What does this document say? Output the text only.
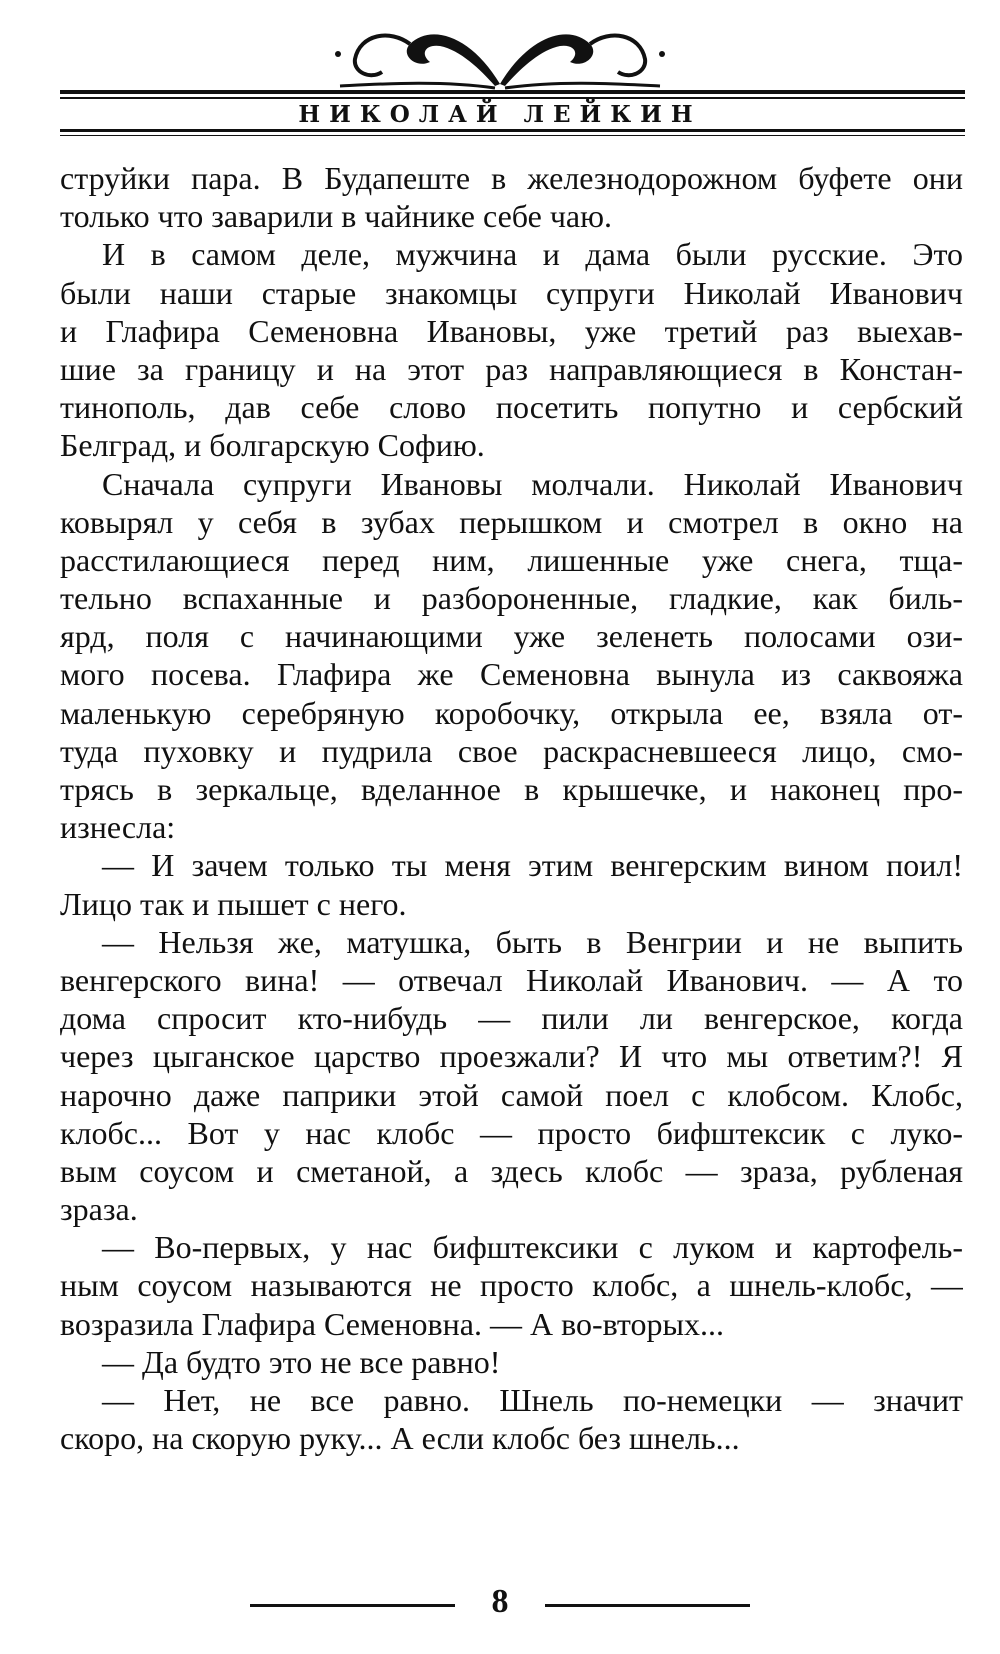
НИКОЛАЙ ЛЕЙКИН
струйки пара. В Будапеште в железнодорожном буфете они
только что заварили в чайнике себе чаю.
И в самом деле, мужчина и дама были русские. Это
были наши старые знакомцы супруги Николай Иванович
и Глафира Семеновна Ивановы, уже третий раз выехав-
шие за границу и на этот раз направляющиеся в Констан-
тинополь, дав себе слово посетить попутно и сербский
Белград, и болгарскую Софию.
Сначала супруги Ивановы молчали. Николай Иванович
ковырял у себя в зубах перышком и смотрел в окно на
расстилающиеся перед ним, лишенные уже снега, тща-
тельно вспаханные и разбороненные, гладкие, как биль-
ярд, поля с начинающими уже зеленеть полосами ози-
мого посева. Глафира же Семеновна вынула из саквояжа
маленькую серебряную коробочку, открыла ее, взяла от-
туда пуховку и пудрила свое раскрасневшееся лицо, смо-
трясь в зеркальце, вделанное в крышечке, и наконец про-
изнесла:
— И зачем только ты меня этим венгерским вином поил!
Лицо так и пышет с него.
— Нельзя же, матушка, быть в Венгрии и не выпить
венгерского вина! — отвечал Николай Иванович. — А то
дома спросит кто-нибудь — пили ли венгерское, когда
через цыганское царство проезжали? И что мы ответим?! Я
нарочно даже паприки этой самой поел с клобсом. Клобс,
клобс... Вот у нас клобс — просто бифштексик с луко-
вым соусом и сметаной, а здесь клобс — зраза, рубленая
зраза.
— Во-первых, у нас бифштексики с луком и картофель-
ным соусом называются не просто клобс, а шнель-клобс, —
возразила Глафира Семеновна. — А во-вторых...
— Да будто это не все равно!
— Нет, не все равно. Шнель по-немецки — значит
скоро, на скорую руку... А если клобс без шнель...
8
